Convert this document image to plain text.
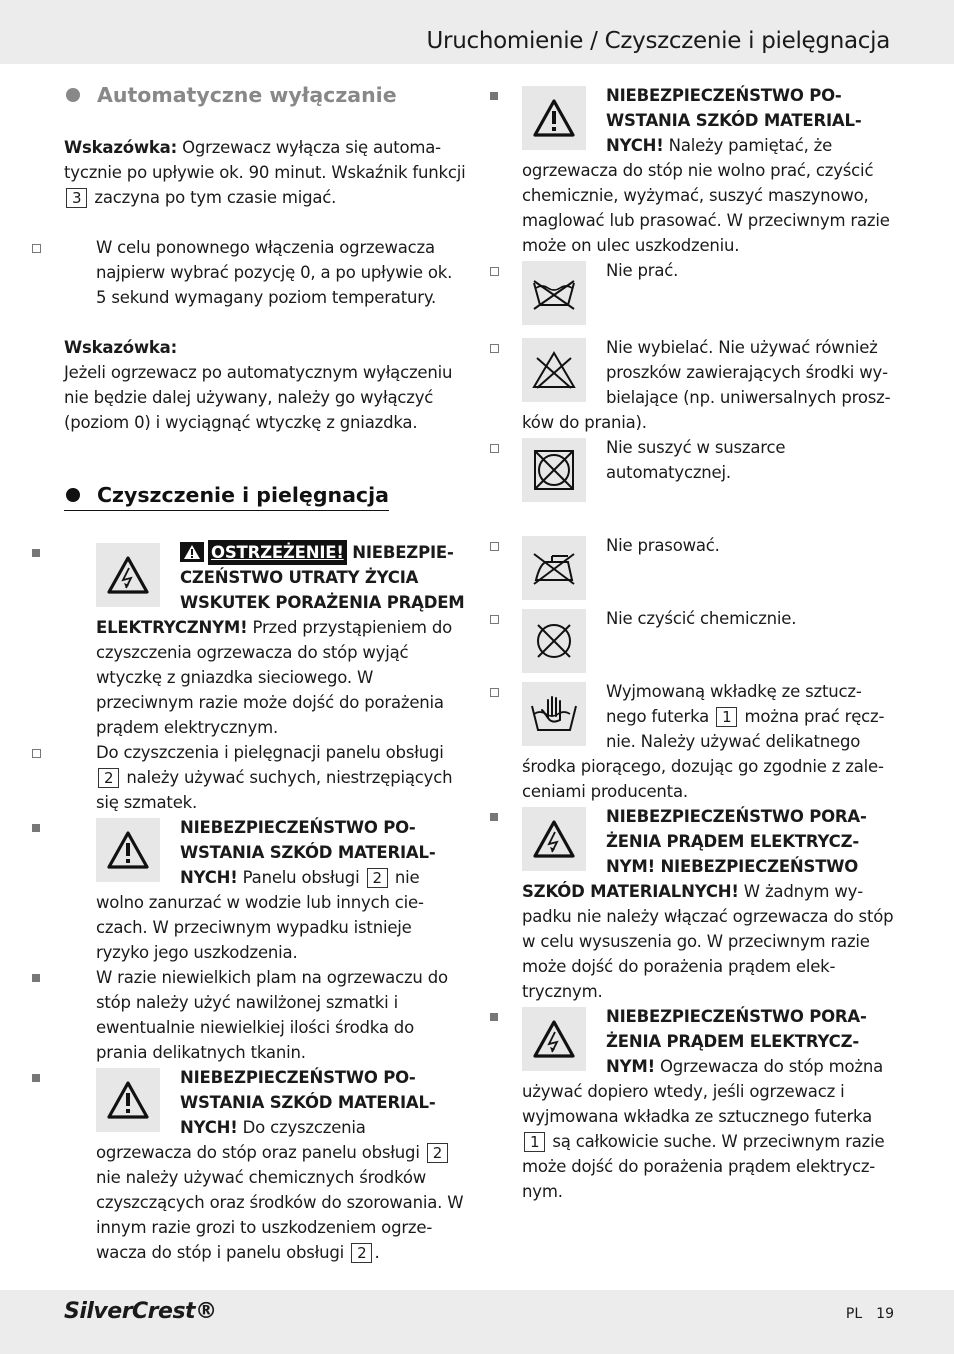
Uruchomienie / Czyszczenie i pielęgnacja
Automatyczne wyłączanie

Wskazówka: Ogrzewacz wyłącza się automatycznie po upływie ok. 90 minut. Wskaźnik funkcji 3 zaczyna po tym czasie migać.

W celu ponownego włączenia ogrzewacza najpierw wybrać pozycję 0, a po upływie ok. 5 sekund wymagany poziom temperatury.

Wskazówka:

Jeżeli ogrzewacz po automatycznym wyłączeniu nie będzie dalej używany, należy go wyłączyć (poziom 0) i wyciągnąć wtyczkę z gniazdka.

Czyszczenie i pielęgnacja
OSTRZEŻENIE! NIEBEZPIECZEŃSTWO UTRATY ŻYCIA WSKUTEK PORAŻENIA PRĄDEM ELEKTRYCZNYM! Przed przystąpieniem do czyszczenia ogrzewacza do stóp wyjąć wtyczkę z gniazdka sieciowego. W przeciwnym razie może dojść do porażenia prądem elektrycznym.
Do czyszczenia i pielęgnacji panelu obsługi 2 należy używać suchych, niestrzępiących się szmatek.
NIEBEZPIECZEŃSTWO POWSTANIA SZKÓD MATERIALNYCH! Panelu obsługi 2 nie wolno zanurzać w wodzie lub innych cieczach. W przeciwnym wypadku istnieje ryzyko jego uszkodzenia.
W razie niewielkich plam na ogrzewaczu do stóp należy użyć nawilżonej szmatki i ewentualnie niewielkiej ilości środka do prania delikatnych tkanin.
NIEBEZPIECZEŃSTWO POWSTANIA SZKÓD MATERIALNYCH! Do czyszczenia ogrzewacza do stóp oraz panelu obsługi 2 nie należy używać chemicznych środków czyszczących oraz środków do szorowania. W innym razie grozi to uszkodzeniem ogrzewacza do stóp i panelu obsługi 2 .
NIEBEZPIECZEŃSTWO POWSTANIA SZKÓD MATERIALNYCH! Należy pamiętać, że ogrzewacza do stóp nie wolno prać, czyścić chemicznie, wyżymać, suszyć maszynowo, maglować lub prasować. W przeciwnym razie może on ulec uszkodzeniu.
Nie prać.
Nie wybielać. Nie używać również proszków zawierających środki wybielające (np. uniwersalnych proszków do prania).
Nie suszyć w suszarce automatycznej.
Nie prasować.
Nie czyścić chemicznie.
Wyjmowaną wkładkę ze sztucznego futerka 1 można prać ręcznie. Należy używać delikatnego środka piorącego, dozując go zgodnie z zaleceniami producenta.
NIEBEZPIECZEŃSTWO PORAŻENIA PRĄDEM ELEKTRYCZNYM! NIEBEZPIECZEŃSTWO SZKÓD MATERIALNYCH! W żadnym wypadku nie należy włączać ogrzewacza do stóp w celu wysuszenia go. W przeciwnym razie może dojść do porażenia prądem elektrycznym.
NIEBEZPIECZEŃSTWO PORAŻENIA PRĄDEM ELEKTRYCZNYM! Ogrzewacza do stóp można używać dopiero wtedy, jeśli ogrzewacz i wyjmowana wkładka ze sztucznego futerka 1 są całkowicie suche. W przeciwnym razie może dojść do porażenia prądem elektrycznym.
SilverCrest®	PL 19
